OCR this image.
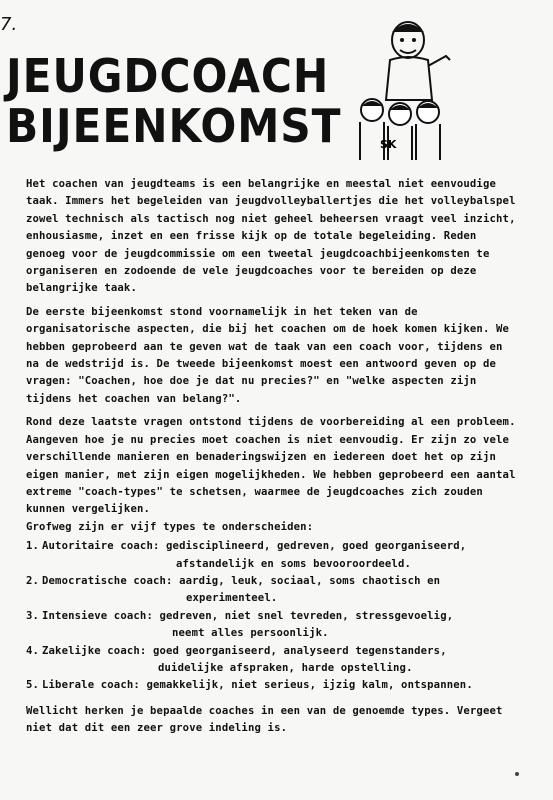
7.
JEUGDCOACH
BIJEENKOMST	SK

Het coachen van jeugdteams is een belangrijke en meestal niet eenvoudige taak. Immers het begeleiden van jeugdvolleyballertjes die het volleybalspel zowel technisch als tactisch nog niet geheel beheersen vraagt veel inzicht, enhousiasme, inzet en een frisse kijk op de totale begeleiding. Reden genoeg voor de jeugdcommissie om een tweetal jeugdcoachbijeenkomsten te organiseren en zodoende de vele jeugdcoaches voor te bereiden op deze belangrijke taak.

De eerste bijeenkomst stond voornamelijk in het teken van de organisatorische aspecten, die bij het coachen om de hoek komen kijken. We hebben geprobeerd aan te geven wat de taak van een coach voor, tijdens en na de wedstrijd is. De tweede bijeenkomst moest een antwoord geven op de vragen: "Coachen, hoe doe je dat nu precies?" en "welke aspecten zijn tijdens het coachen van belang?".

Rond deze laatste vragen ontstond tijdens de voorbereiding al een probleem. Aangeven hoe je nu precies moet coachen is niet eenvoudig. Er zijn zo vele verschillende manieren en benaderingswijzen en iedereen doet het op zijn eigen manier, met zijn eigen mogelijkheden. We hebben geprobeerd een aantal extreme "coach-types" te schetsen, waarmee de jeugdcoaches zich zouden kunnen vergelijken.

Grofweg zijn er vijf types te onderscheiden:

1. Autoritaire coach: gedisciplineerd, gedreven, goed georganiseerd,
afstandelijk en soms bevooroordeeld.
2. Democratische coach: aardig, leuk, sociaal, soms chaotisch en
experimenteel.
3. Intensieve coach: gedreven, niet snel tevreden, stressgevoelig,
neemt alles persoonlijk.
4. Zakelijke coach: goed georganiseerd, analyseerd tegenstanders,
duidelijke afspraken, harde opstelling.
5. Liberale coach: gemakkelijk, niet serieus, ijzig kalm, ontspannen.

Wellicht herken je bepaalde coaches in een van de genoemde types. Vergeet niet dat dit een zeer grove indeling is.
